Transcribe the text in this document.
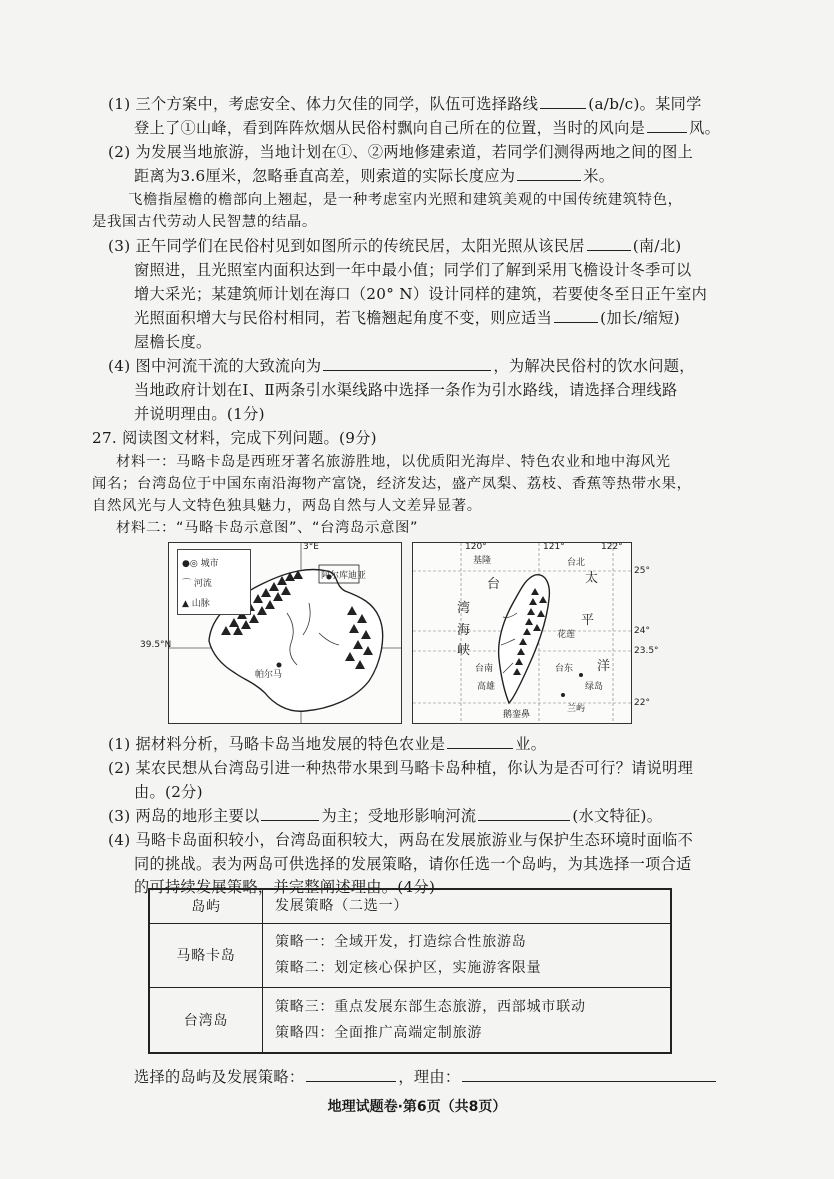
(1) 三个方案中，考虑安全、体力欠佳的同学，队伍可选择路线	(a/b/c)。某同学
登上了①山峰，看到阵阵炊烟从民俗村飘向自己所在的位置，当时的风向是	风。
(2) 为发展当地旅游，当地计划在①、②两地修建索道，若同学们测得两地之间的图上
距离为3.6厘米，忽略垂直高差，则索道的实际长度应为	米。
飞檐指屋檐的檐部向上翘起，是一种考虑室内光照和建筑美观的中国传统建筑特色，
是我国古代劳动人民智慧的结晶。
(3) 正午同学们在民俗村见到如图所示的传统民居，太阳光照从该民居	(南/北)
窗照进，且光照室内面积达到一年中最小值；同学们了解到采用飞檐设计冬季可以
增大采光；某建筑师计划在海口（20° N）设计同样的建筑，若要使冬至日正午室内
光照面积增大与民俗村相同，若飞檐翘起角度不变，则应适当	(加长/缩短)
屋檐长度。
(4) 图中河流干流的大致流向为	，为解决民俗村的饮水问题，
当地政府计划在Ⅰ、Ⅱ两条引水渠线路中选择一条作为引水路线，请选择合理线路
并说明理由。(1分)
27. 阅读图文材料，完成下列问题。(9分)
材料一：马略卡岛是西班牙著名旅游胜地，以优质阳光海岸、特色农业和地中海风光
闻名；台湾岛位于中国东南沿海物产富饶，经济发达，盛产凤梨、荔枝、香蕉等热带水果，
自然风光与人文特色独具魅力，两岛自然与人文差异显著。
材料二：“马略卡岛示意图”、“台湾岛示意图”
●◎ 城市
⌒ 河流
▲ 山脉
3°E
阿尔库迪亚
帕尔马
39.5°N
120°	121°	122°
基隆	台北
台
湾
海
峡
太
平
洋
台南
高雄
花莲
台东
绿岛
兰屿
鹅銮鼻
25°
24°
23.5°
22°
(1) 据材料分析，马略卡岛当地发展的特色农业是	业。
(2) 某农民想从台湾岛引进一种热带水果到马略卡岛种植，你认为是否可行？请说明理
由。(2分)
(3) 两岛的地形主要以	为主；受地形影响河流	(水文特征)。
(4) 马略卡岛面积较小，台湾岛面积较大，两岛在发展旅游业与保护生态环境时面临不
同的挑战。表为两岛可供选择的发展策略，请你任选一个岛屿，为其选择一项合适
的可持续发展策略，并完整阐述理由。(4分)
岛屿	发展策略（二选一）
马略卡岛	策略一：全域开发，打造综合性旅游岛
策略二：划定核心保护区，实施游客限量

台湾岛	策略三：重点发展东部生态旅游，西部城市联动
策略四：全面推广高端定制旅游
选择的岛屿及发展策略：	，理由：
地理试题卷·第6页（共8页）
